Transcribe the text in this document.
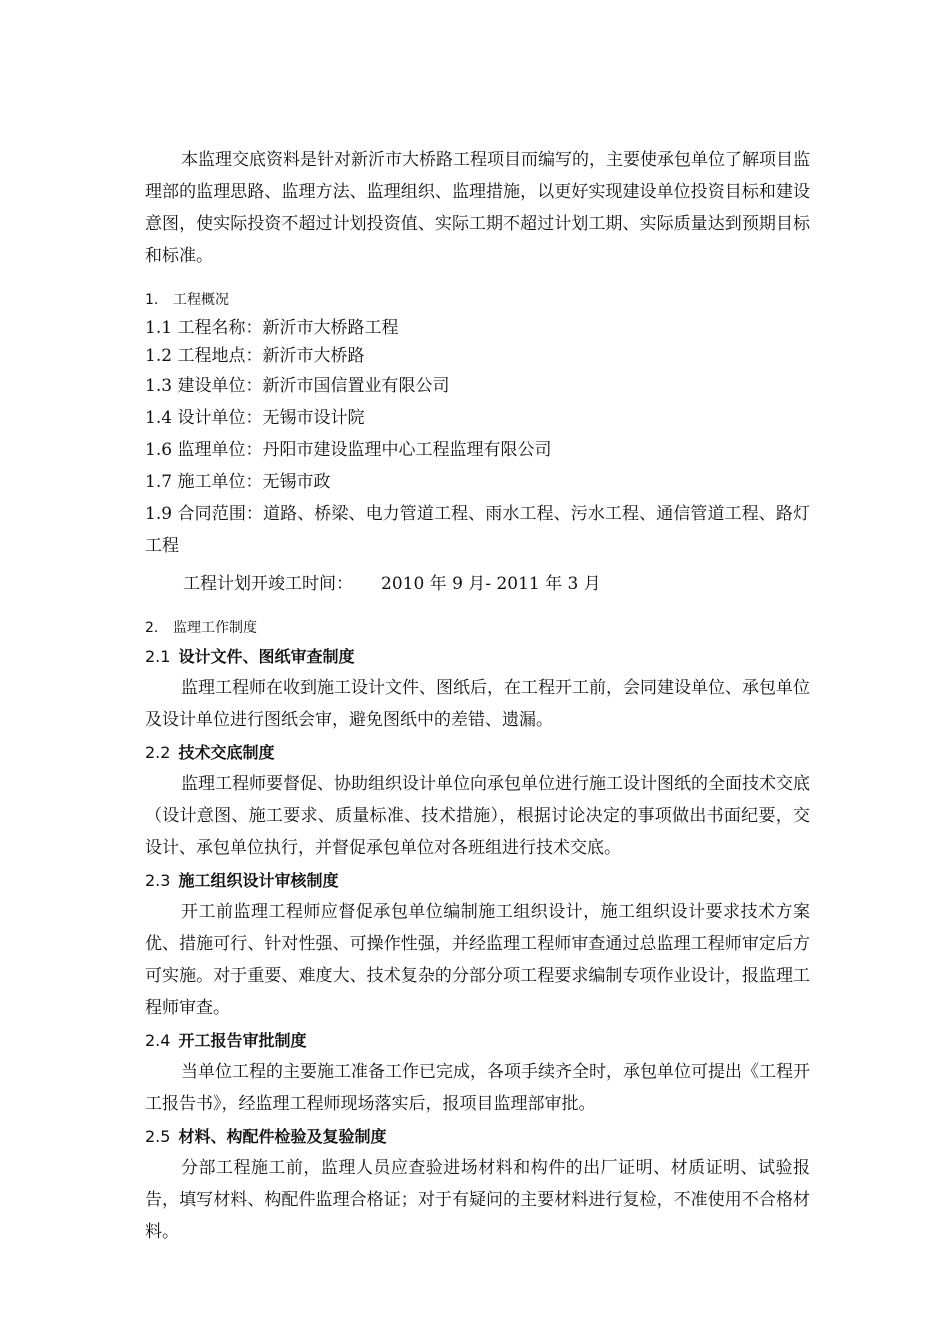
本监理交底资料是针对新沂市大桥路工程项目而编写的，主要使承包单位了解项目监理部的监理思路、监理方法、监理组织、监理措施，以更好实现建设单位投资目标和建设意图，使实际投资不超过计划投资值、实际工期不超过计划工期、实际质量达到预期目标和标准。

1. 工程概况

1.1 工程名称：新沂市大桥路工程

1.2 工程地点：新沂市大桥路

1.3 建设单位：新沂市国信置业有限公司

1.4 设计单位：无锡市设计院

1.6 监理单位：丹阳市建设监理中心工程监理有限公司

1.7 施工单位：无锡市政

1.9 合同范围：道路、桥梁、电力管道工程、雨水工程、污水工程、通信管道工程、路灯工程

工程计划开竣工时间： 2010 年 9 月- 2011 年 3 月

2. 监理工作制度
2.1 设计文件、图纸审查制度

监理工程师在收到施工设计文件、图纸后，在工程开工前，会同建设单位、承包单位及设计单位进行图纸会审，避免图纸中的差错、遗漏。

2.2 技术交底制度

监理工程师要督促、协助组织设计单位向承包单位进行施工设计图纸的全面技术交底（设计意图、施工要求、质量标准、技术措施），根据讨论决定的事项做出书面纪要，交设计、承包单位执行，并督促承包单位对各班组进行技术交底。

2.3 施工组织设计审核制度

开工前监理工程师应督促承包单位编制施工组织设计，施工组织设计要求技术方案优、措施可行、针对性强、可操作性强，并经监理工程师审查通过总监理工程师审定后方可实施。对于重要、难度大、技术复杂的分部分项工程要求编制专项作业设计，报监理工程师审查。

2.4 开工报告审批制度

当单位工程的主要施工准备工作已完成，各项手续齐全时，承包单位可提出《工程开工报告书》，经监理工程师现场落实后，报项目监理部审批。

2.5 材料、构配件检验及复验制度

分部工程施工前，监理人员应查验进场材料和构件的出厂证明、材质证明、试验报告，填写材料、构配件监理合格证；对于有疑问的主要材料进行复检，不准使用不合格材料。
